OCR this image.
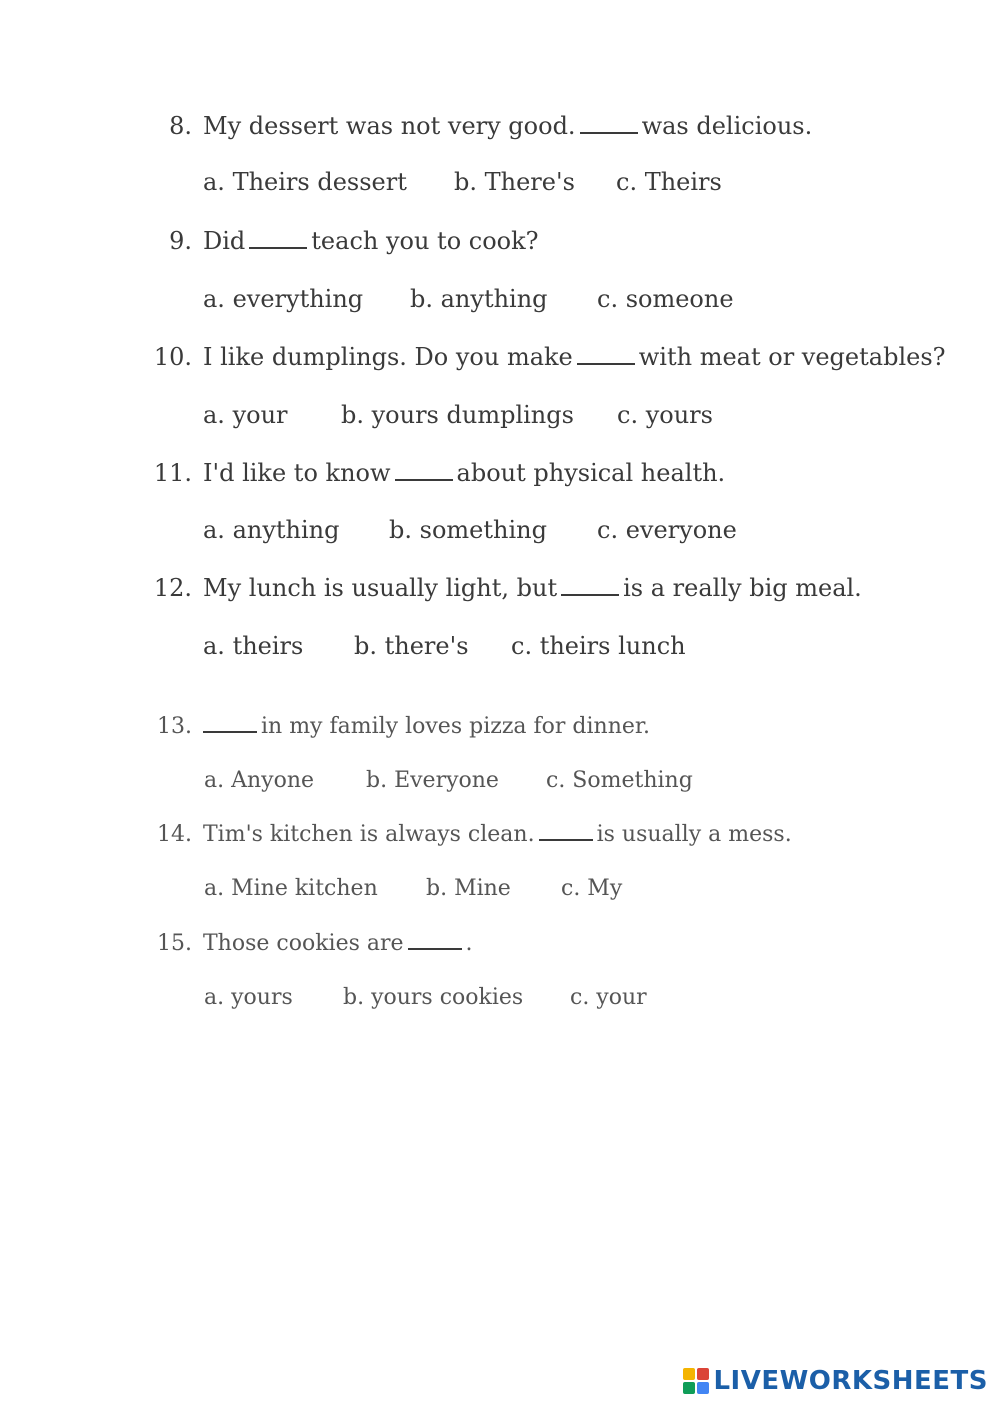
8. My dessert was not very good.	was delicious.
a. Theirs dessert b. There's c. Theirs
9. Did	teach you to cook?
a. everything b. anything c. someone
10. I like dumplings. Do you make	with meat or vegetables?
a. your b. yours dumplings c. yours
11. I'd like to know	about physical health.
a. anything b. something c. everyone
12. My lunch is usually light, but	is a really big meal.
a. theirs b. there's c. theirs lunch
13.	in my family loves pizza for dinner.
a. Anyone b. Everyone c. Something
14. Tim's kitchen is always clean.	is usually a mess.
a. Mine kitchen b. Mine c. My
15. Those cookies are	.
a. yours b. yours cookies c. your
LIVEWORKSHEETS
